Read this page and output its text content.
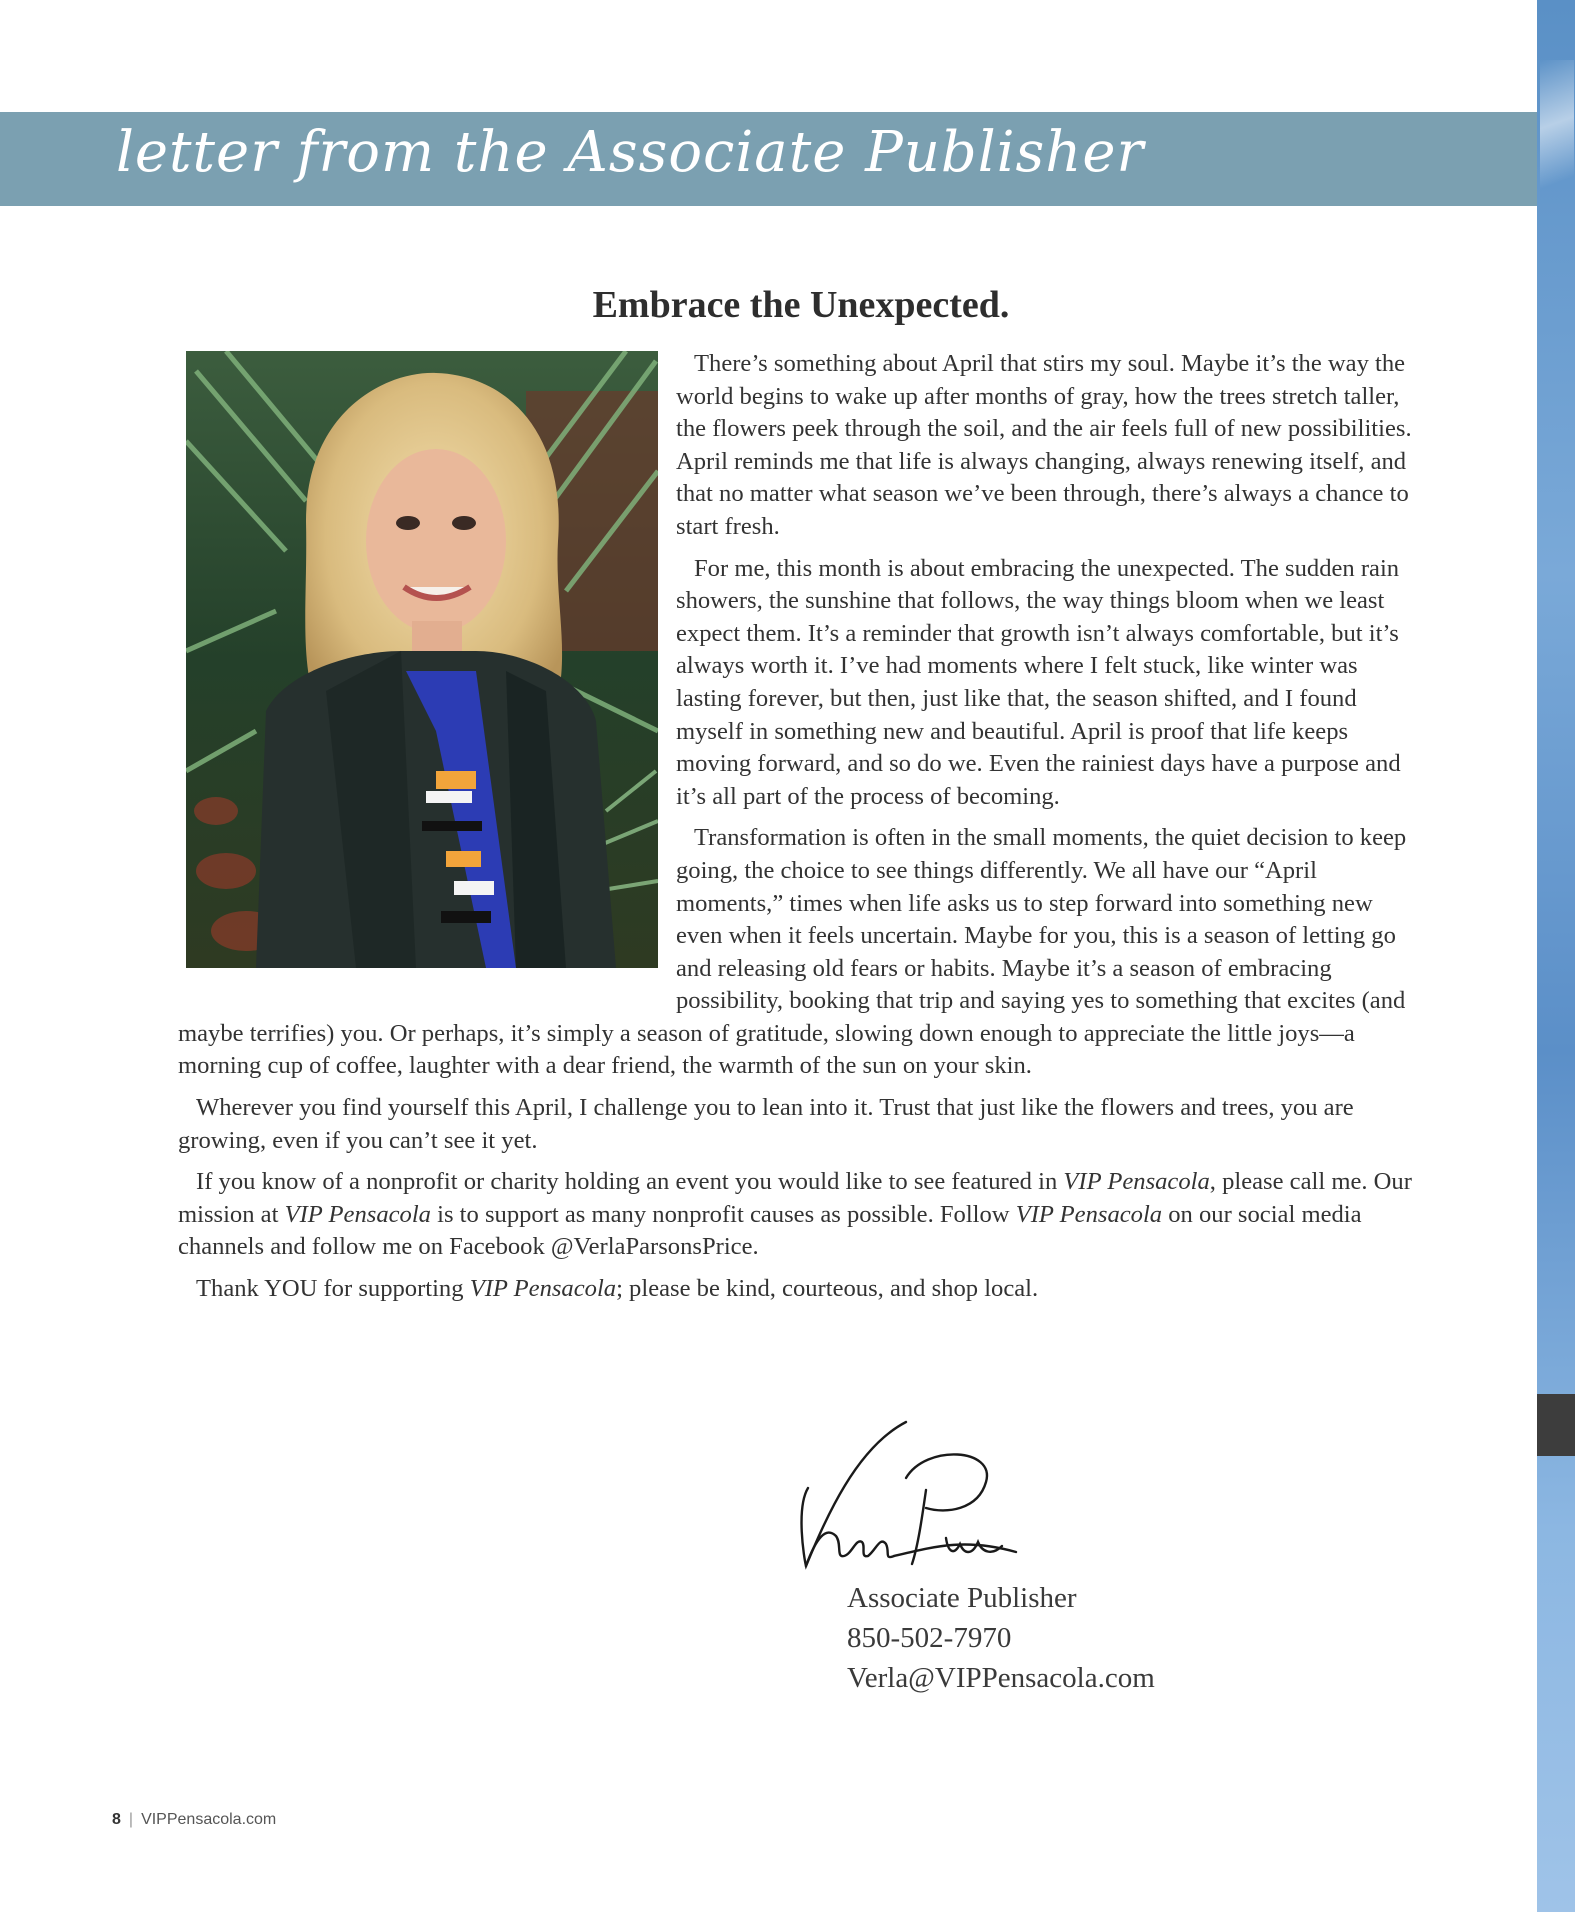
letter from the Associate Publisher
Embrace the Unexpected.

There’s something about April that stirs my soul. Maybe it’s the way the world begins to wake up after months of gray, how the trees stretch taller, the flowers peek through the soil, and the air feels full of new possibilities. April reminds me that life is always changing, always renewing itself, and that no matter what season we’ve been through, there’s always a chance to start fresh.

For me, this month is about embracing the unexpected. The sudden rain showers, the sunshine that follows, the way things bloom when we least expect them. It’s a reminder that growth isn’t always comfortable, but it’s always worth it. I’ve had moments where I felt stuck, like winter was lasting forever, but then, just like that, the season shifted, and I found myself in something new and beautiful. April is proof that life keeps moving forward, and so do we. Even the rainiest days have a purpose and it’s all part of the process of becoming.

Transformation is often in the small moments, the quiet decision to keep going, the choice to see things differently. We all have our “April moments,” times when life asks us to step forward into something new even when it feels uncertain. Maybe for you, this is a season of letting go and releasing old fears or habits. Maybe it’s a season of embracing possibility, booking that trip and saying yes to something that excites (and maybe terrifies) you. Or perhaps, it’s simply a season of gratitude, slowing down enough to appreciate the little joys—a morning cup of coffee, laughter with a dear friend, the warmth of the sun on your skin.

Wherever you find yourself this April, I challenge you to lean into it. Trust that just like the flowers and trees, you are growing, even if you can’t see it yet.

If you know of a nonprofit or charity holding an event you would like to see featured in VIP Pensacola, please call me. Our mission at VIP Pensacola is to support as many nonprofit causes as possible. Follow VIP Pensacola on our social media channels and follow me on Facebook @VerlaParsonsPrice.

Thank YOU for supporting VIP Pensacola; please be kind, courteous, and shop local.

Associate Publisher

850-502-7970

Verla@VIPPensacola.com

8 | VIPPensacola.com
